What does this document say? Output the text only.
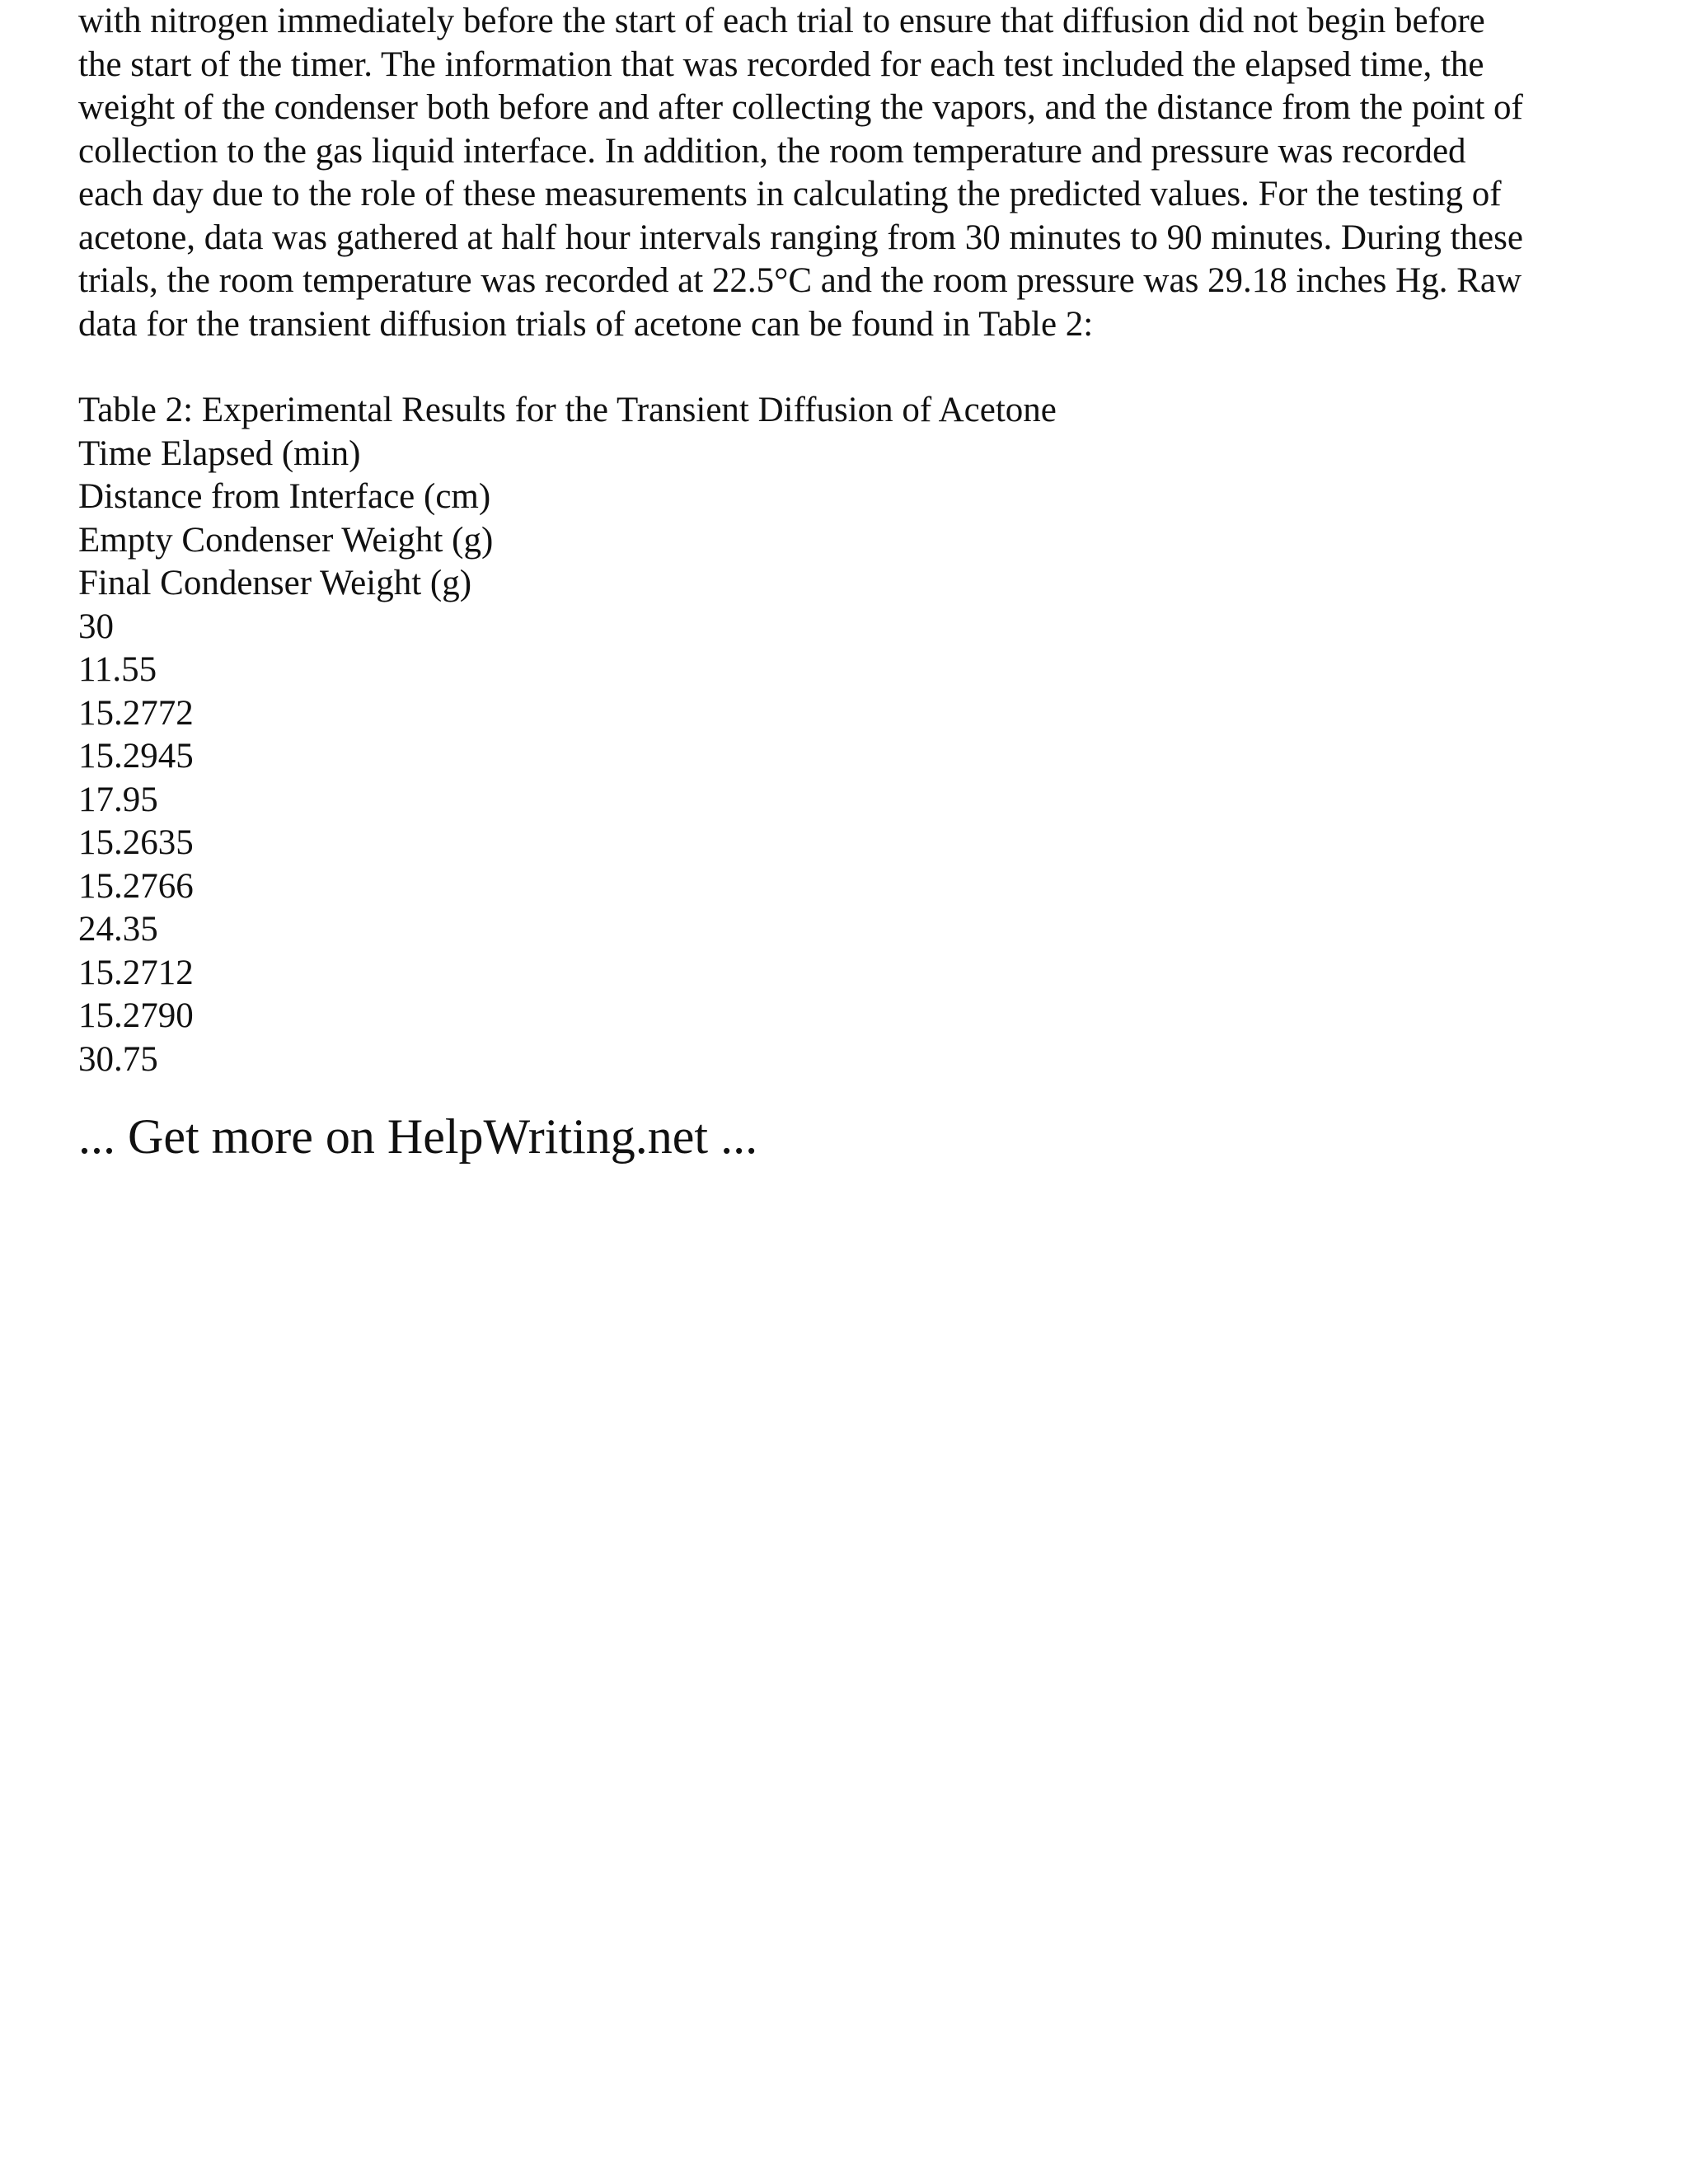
with nitrogen immediately before the start of each trial to ensure that diffusion did not begin before

the start of the timer. The information that was recorded for each test included the elapsed time, the

weight of the condenser both before and after collecting the vapors, and the distance from the point of

collection to the gas liquid interface. In addition, the room temperature and pressure was recorded

each day due to the role of these measurements in calculating the predicted values. For the testing of

acetone, data was gathered at half hour intervals ranging from 30 minutes to 90 minutes. During these

trials, the room temperature was recorded at 22.5°C and the room pressure was 29.18 inches Hg. Raw

data for the transient diffusion trials of acetone can be found in Table 2:

Table 2: Experimental Results for the Transient Diffusion of Acetone

Time Elapsed (min)

Distance from Interface (cm)

Empty Condenser Weight (g)

Final Condenser Weight (g)

30

11.55

15.2772

15.2945

17.95

15.2635

15.2766

24.35

15.2712

15.2790

30.75

... Get more on HelpWriting.net ...
